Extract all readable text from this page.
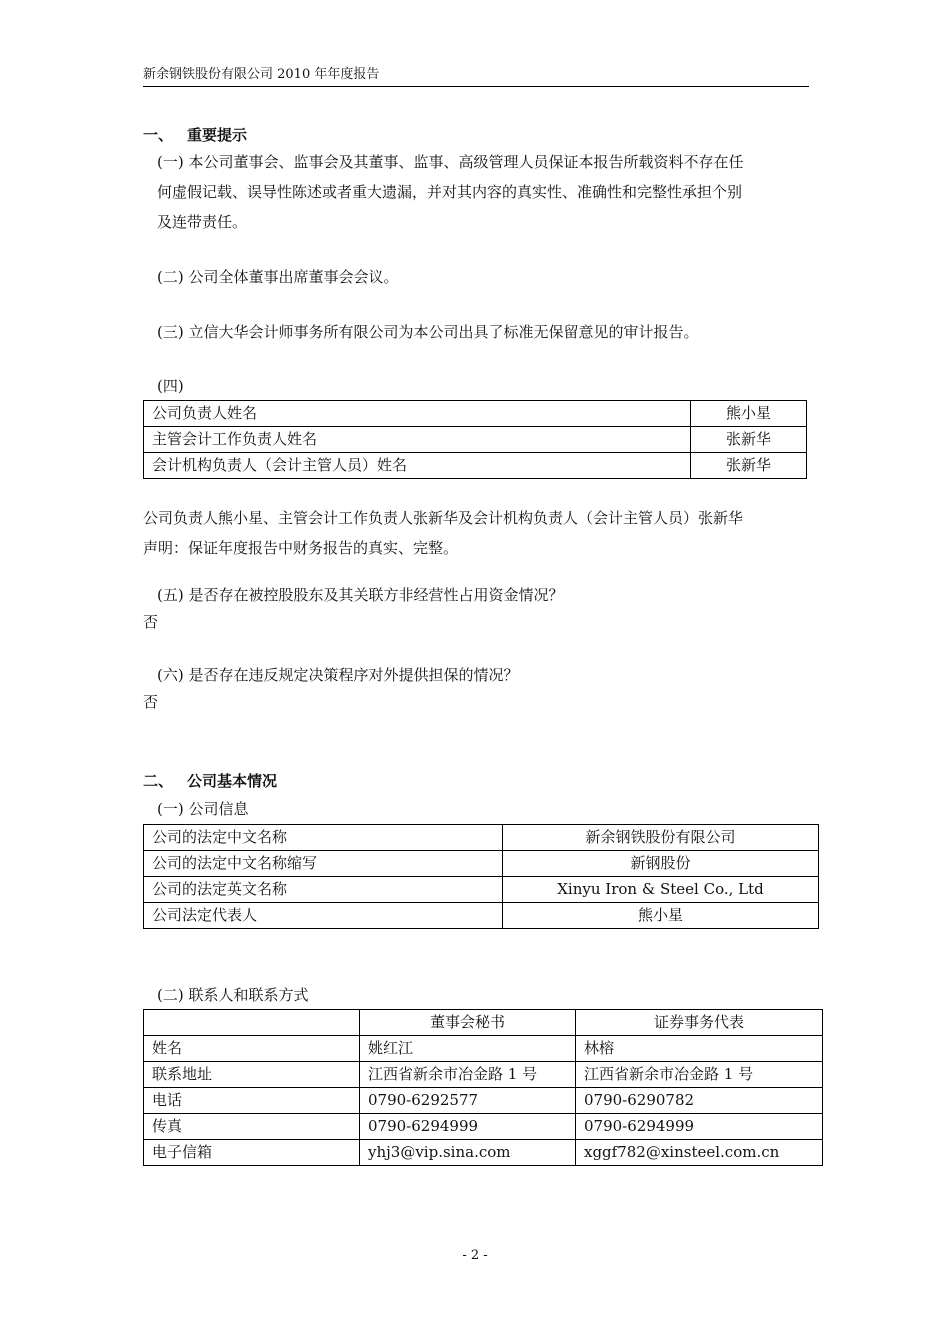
新余钢铁股份有限公司 2010 年年度报告
一、 重要提示

(一) 本公司董事会、监事会及其董事、监事、高级管理人员保证本报告所载资料不存在任

何虚假记载、误导性陈述或者重大遗漏，并对其内容的真实性、准确性和完整性承担个别

及连带责任。

(二) 公司全体董事出席董事会会议。

(三) 立信大华会计师事务所有限公司为本公司出具了标准无保留意见的审计报告。

(四)

公司负责人姓名	熊小星
主管会计工作负责人姓名	张新华
会计机构负责人（会计主管人员）姓名	张新华

公司负责人熊小星、主管会计工作负责人张新华及会计机构负责人（会计主管人员）张新华

声明：保证年度报告中财务报告的真实、完整。

(五) 是否存在被控股股东及其关联方非经营性占用资金情况？

否

(六) 是否存在违反规定决策程序对外提供担保的情况？

否

二、 公司基本情况

(一) 公司信息

公司的法定中文名称	新余钢铁股份有限公司
公司的法定中文名称缩写	新钢股份
公司的法定英文名称	Xinyu Iron & Steel Co., Ltd
公司法定代表人	熊小星

(二) 联系人和联系方式

	董事会秘书	证券事务代表
姓名	姚红江	林榕
联系地址	江西省新余市冶金路 1 号	江西省新余市冶金路 1 号
电话	0790-6292577	0790-6290782
传真	0790-6294999	0790-6294999
电子信箱	yhj3@vip.sina.com	xggf782@xinsteel.com.cn
- 2 -
